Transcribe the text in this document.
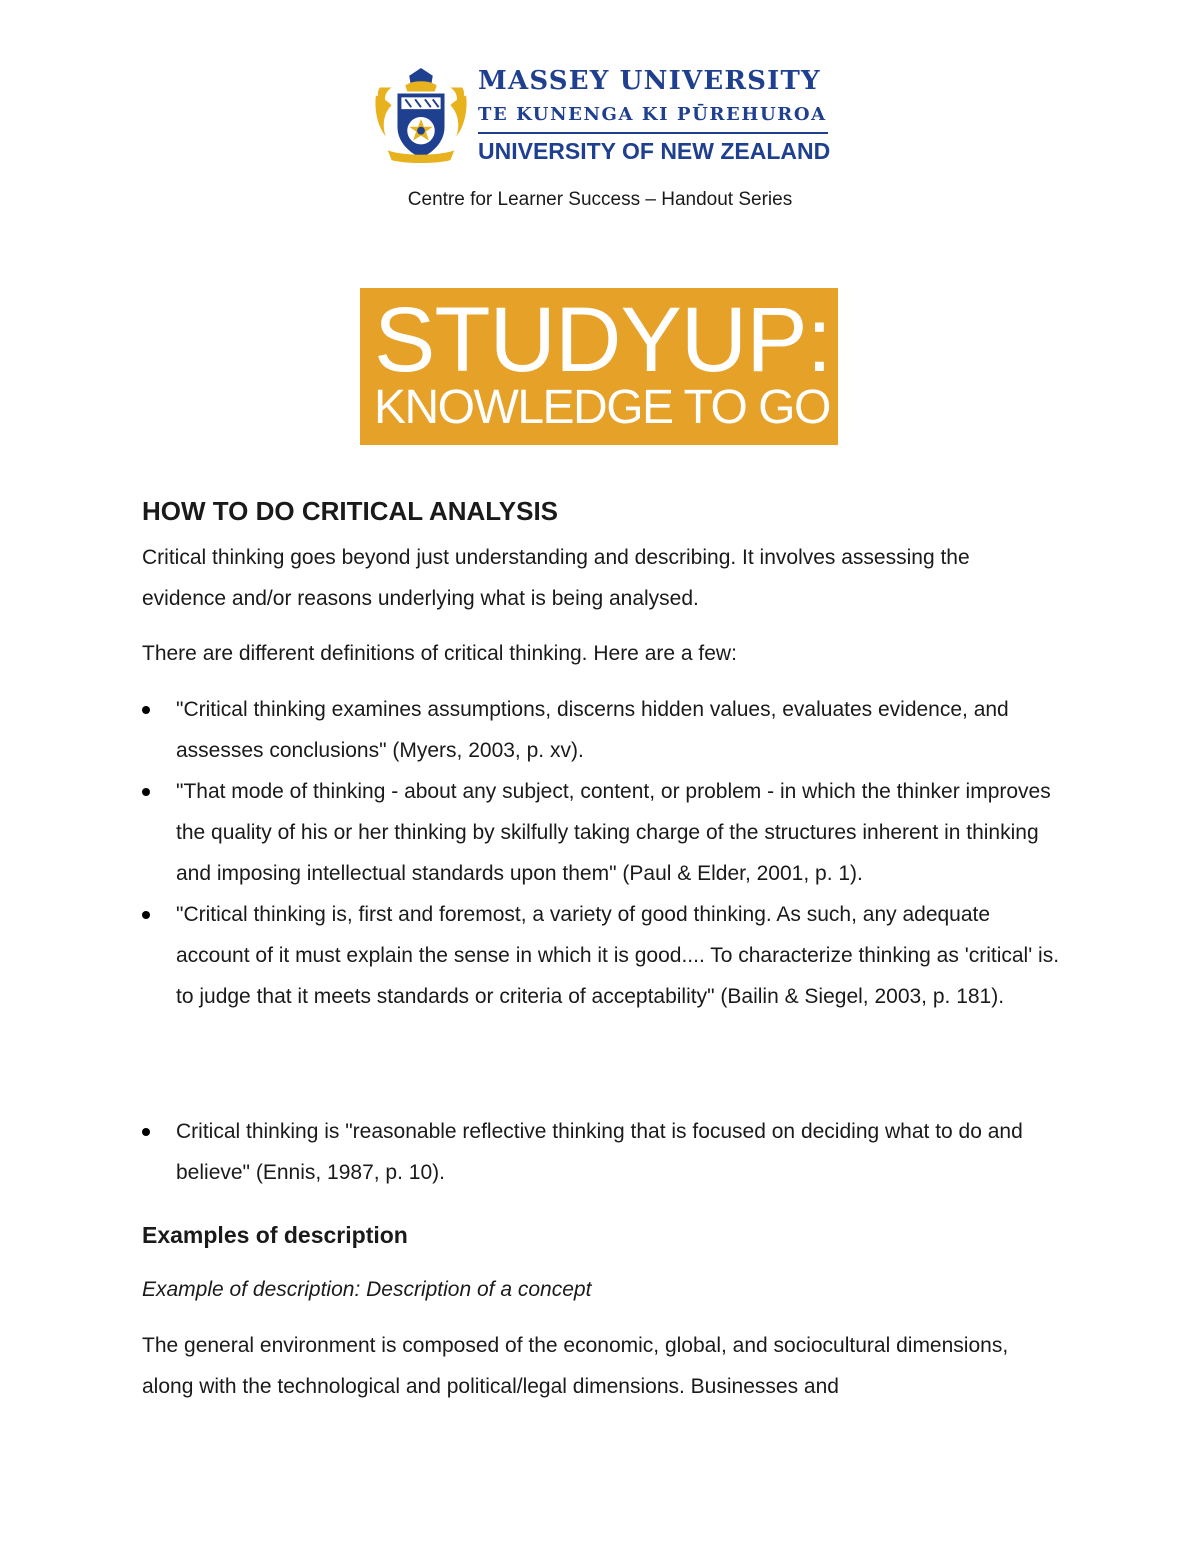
MASSEY UNIVERSITY
TE KUNENGA KI PŪREHUROA
UNIVERSITY OF NEW ZEALAND
Centre for Learner Success – Handout Series
STUDYUP:
KNOWLEDGE TO GO
HOW TO DO CRITICAL ANALYSIS
Critical thinking goes beyond just understanding and describing. It involves assessing the evidence and/or reasons underlying what is being analysed.
There are different definitions of critical thinking. Here are a few:
"Critical thinking examines assumptions, discerns hidden values, evaluates evidence, and assesses conclusions" (Myers, 2003, p. xv).
"That mode of thinking - about any subject, content, or problem - in which the thinker improves the quality of his or her thinking by skilfully taking charge of the structures inherent in thinking and imposing intellectual standards upon them" (Paul & Elder, 2001, p. 1).
"Critical thinking is, first and foremost, a variety of good thinking. As such, any adequate account of it must explain the sense in which it is good.... To characterize thinking as 'critical' is. to judge that it meets standards or criteria of acceptability" (Bailin & Siegel, 2003, p. 181).
Critical thinking is "reasonable reflective thinking that is focused on deciding what to do and believe" (Ennis, 1987, p. 10).
Examples of description
Example of description: Description of a concept
The general environment is composed of the economic, global, and sociocultural dimensions, along with the technological and political/legal dimensions. Businesses and
